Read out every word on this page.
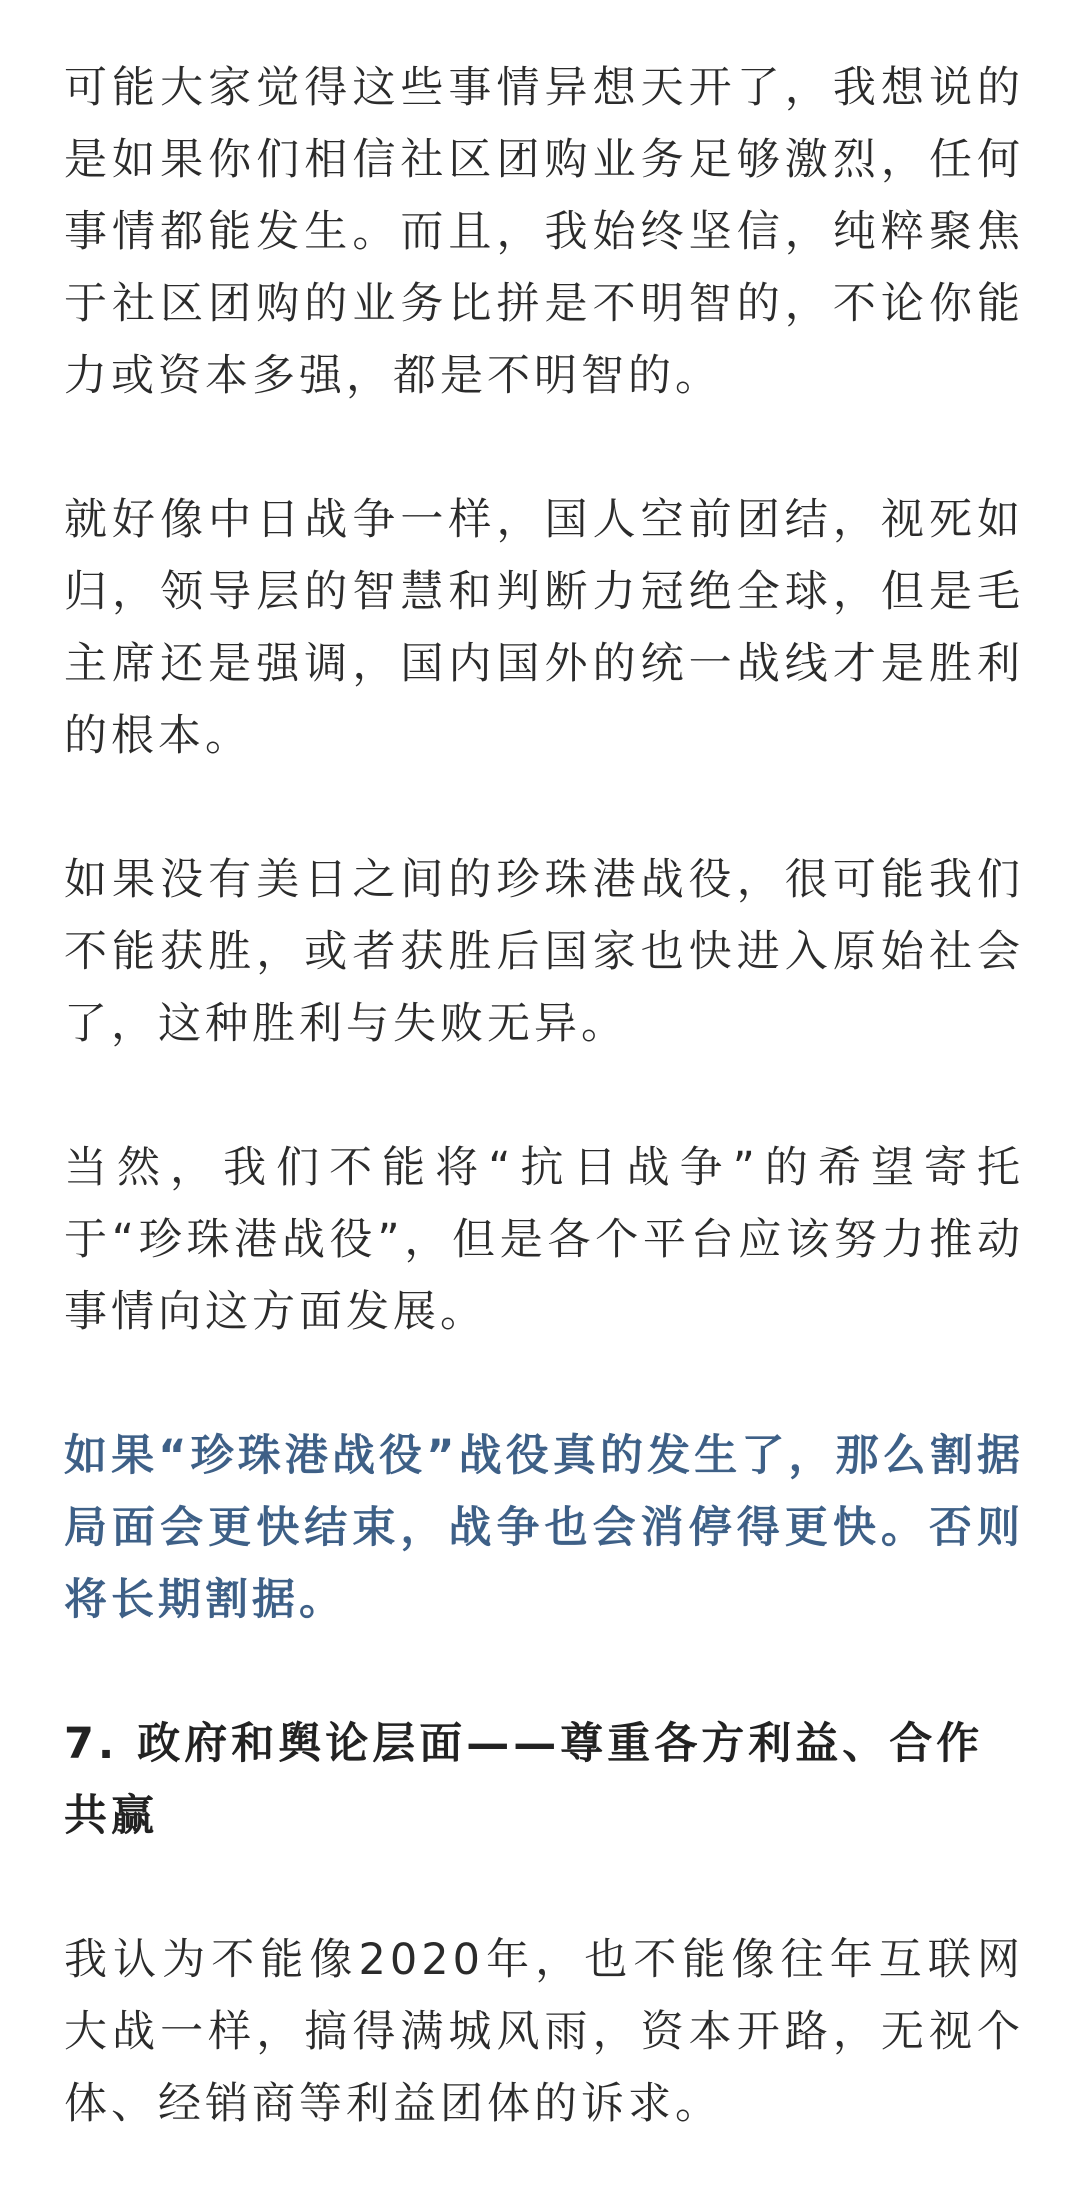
可能大家觉得这些事情异想天开了，我想说的是如果你们相信社区团购业务足够激烈，任何事情都能发生。而且，我始终坚信，纯粹聚焦于社区团购的业务比拼是不明智的，不论你能力或资本多强，都是不明智的。

就好像中日战争一样，国人空前团结，视死如归，领导层的智慧和判断力冠绝全球，但是毛主席还是强调，国内国外的统一战线才是胜利的根本。

如果没有美日之间的珍珠港战役，很可能我们不能获胜，或者获胜后国家也快进入原始社会了，这种胜利与失败无异。

当然，我们不能将“抗日战争”的希望寄托于“珍珠港战役”，但是各个平台应该努力推动事情向这方面发展。

如果“珍珠港战役”战役真的发生了，那么割据局面会更快结束，战争也会消停得更快。否则将长期割据。

7. 政府和舆论层面——尊重各方利益、合作共赢

我认为不能像2020年，也不能像往年互联网大战一样，搞得满城风雨，资本开路，无视个体、经销商等利益团体的诉求。
